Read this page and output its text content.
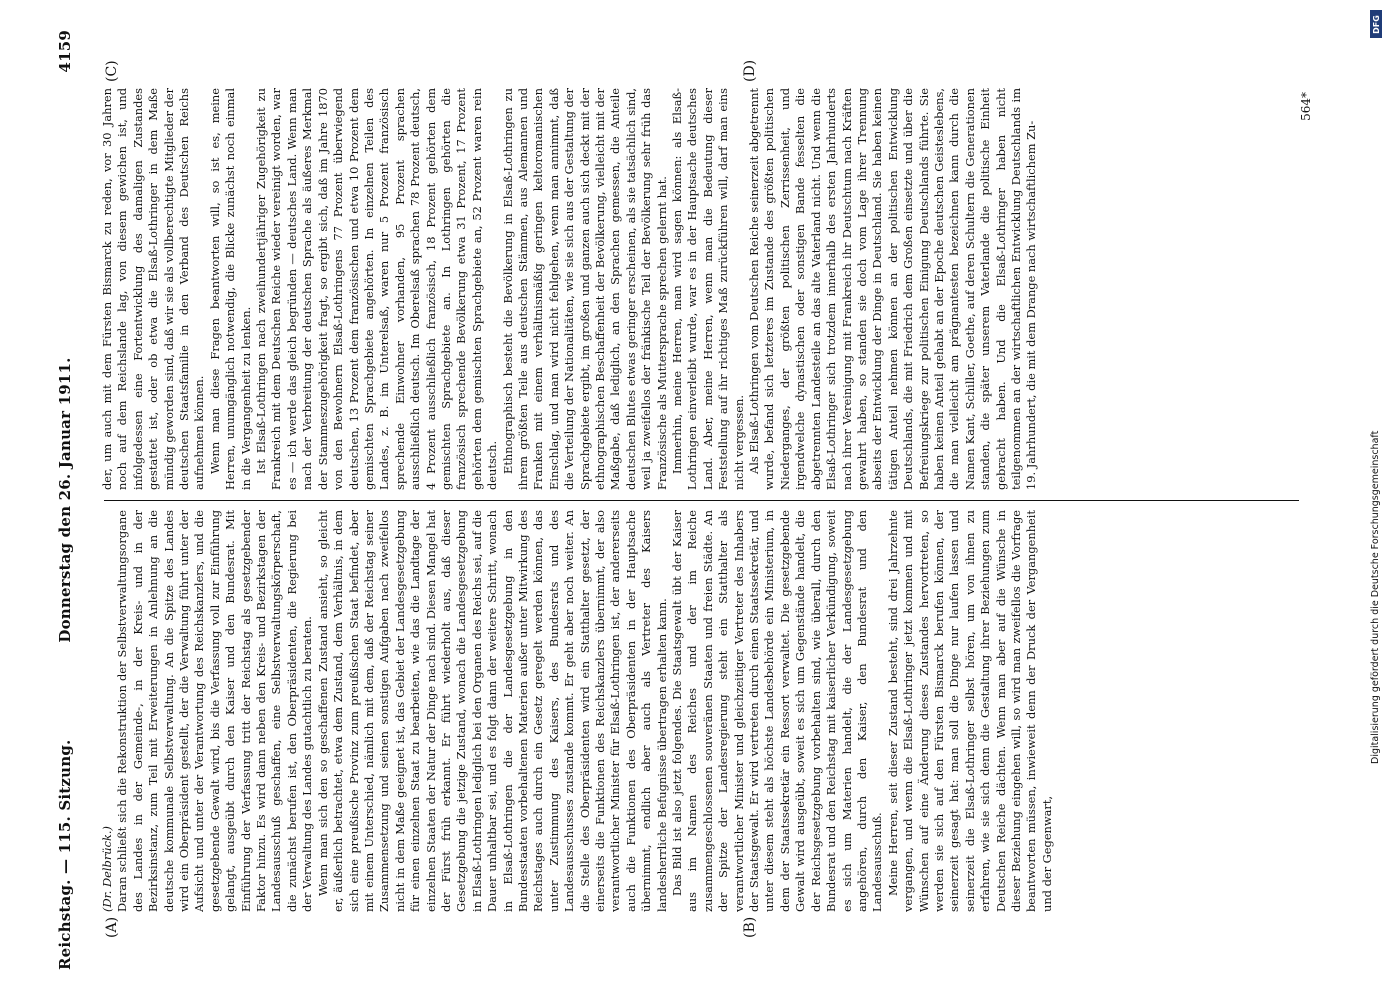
Reichstag. — 115. Sitzung.
Donnerstag den 26. Januar 1911.
4159
(A)	(B)
(C)	(D)

(Dr. Delbrück.) Daran schließt sich die Rekonstruktion der Selbstverwaltungsorgane des Landes in der Gemeinde-, in der Kreis- und in der Bezirksinstanz, zum Teil mit Erweiterungen in Anlehnung an die deutsche kommunale Selbstverwaltung. An die Spitze des Landes wird ein Oberpräsident gestellt, der die Verwaltung führt unter der Aufsicht und unter der Verantwortung des Reichskanzlers, und die gesetzgebende Gewalt wird, bis die Verfassung voll zur Einführung gelangt, ausgeübt durch den Kaiser und den Bundesrat. Mit Einführung der Verfassung tritt der Reichstag als gesetzgebender Faktor hinzu. Es wird dann neben den Kreis- und Bezirkstagen der Landesausschuß geschaffen, eine Selbstverwaltungskörperschaft, die zunächst berufen ist, den Oberpräsidenten, die Regierung bei der Verwaltung des Landes gutachtlich zu beraten. Wenn man sich den so geschaffenen Zustand ansieht, so gleicht er, äußerlich betrachtet, etwa dem Zustand, dem Verhältnis, in dem sich eine preußische Provinz zum preußischen Staat befindet, aber mit einem Unterschied, nämlich mit dem, daß der Reichstag seiner Zusammensetzung und seinen sonstigen Aufgaben nach zweifellos nicht in dem Maße geeignet ist, das Gebiet der Landesgesetzgebung für einen einzelnen Staat zu bearbeiten, wie das die Landtage der einzelnen Staaten der Natur der Dinge nach sind. Diesen Mangel hat der Fürst früh erkannt. Er führt wiederholt aus, daß dieser Gesetzgebung die jetzige Zustand, wonach die Landesgesetzgebung in Elsaß-Lothringen lediglich bei den Organen des Reichs sei, auf die Dauer unhaltbar sei, und es folgt dann der weitere Schritt, wonach in Elsaß-Lothringen die der Landesgesetzgebung in den Bundesstaaten vorbehaltenen Materien außer unter Mitwirkung des Reichstages auch durch ein Gesetz geregelt werden können, das unter Zustimmung des Kaisers, des Bundesrats und des Landesausschusses zustande kommt. Er geht aber noch weiter. An die Stelle des Oberpräsidenten wird ein Statthalter gesetzt, der einerseits die Funktionen des Reichskanzlers übernimmt, der also verantwortlicher Minister für Elsaß-Lothringen ist, der andererseits auch die Funktionen des Oberpräsidenten in der Hauptsache übernimmt, endlich aber auch als Vertreter des Kaisers landesherrliche Befugnisse übertragen erhalten kann. Das Bild ist also jetzt folgendes. Die Staatsgewalt übt der Kaiser aus im Namen des Reiches und der im Reiche zusammengeschlossenen souveränen Staaten und freien Städte. An der Spitze der Landesregierung steht ein Statthalter als verantwortlicher Minister und gleichzeitiger Vertreter des Inhabers der Staatsgewalt. Er wird vertreten durch einen Staatssekretär, und unter diesem steht als höchste Landesbehörde ein Ministerium, in dem der Staatssekretär ein Ressort verwaltet. Die gesetzgebende Gewalt wird ausgeübt, soweit es sich um Gegenstände handelt, die der Reichsgesetzgebung vorbehalten sind, wie überall, durch den Bundesrat und den Reichstag mit kaiserlicher Verkündigung, soweit es sich um Materien handelt, die der Landesgesetzgebung angehören, durch den Kaiser, den Bundesrat und den Landesausschuß. Meine Herren, seit dieser Zustand besteht, sind drei Jahrzehnte vergangen, und wenn die Elsaß-Lothringer jetzt kommen und mit Wünschen auf eine Änderung dieses Zustandes hervortreten, so werden sie sich auf den Fürsten Bismarck berufen können, der seinerzeit gesagt hat: man soll die Dinge nur laufen lassen und seinerzeit die Elsaß-Lothringer selbst hören, um von ihnen zu erfahren, wie sie sich denn die Gestaltung ihrer Beziehungen zum Deutschen Reiche dächten. Wenn man aber auf die Wünsche in dieser Beziehung eingehen will, so wird man zweifellos die Vorfrage beantworten müssen, inwieweit denn der Druck der Vergangenheit und der Gegenwart,

der, um auch mit dem Fürsten Bismarck zu reden, vor 30 Jahren noch auf dem Reichslande lag, von diesem gewichen ist, und infolgedessen eine Fortentwicklung des damaligen Zustandes gestattet ist, oder ob etwa die Elsaß-Lothringer in dem Maße mündig geworden sind, daß wir sie als vollberechtigte Mitglieder der deutschen Staatsfamilie in den Verband des Deutschen Reichs aufnehmen können. Wenn man diese Fragen beantworten will, so ist es, meine Herren, unumgänglich notwendig, die Blicke zunächst noch einmal in die Vergangenheit zu lenken. Ist Elsaß-Lothringen nach zweihundertjähriger Zugehörigkeit zu Frankreich mit dem Deutschen Reiche wieder vereinigt worden, war es — ich werde das gleich begründen — deutsches Land. Wenn man nach der Verbreitung der deutschen Sprache als äußeres Merkmal der Stammeszugehörigkeit fragt, so ergibt sich, daß im Jahre 1870 von den Bewohnern Elsaß-Lothringens 77 Prozent überwiegend deutschen, 13 Prozent dem französischen und etwa 10 Prozent dem gemischten Sprachgebiete angehörten. In einzelnen Teilen des Landes, z. B. im Unterelsaß, waren nur 5 Prozent französisch sprechende Einwohner vorhanden, 95 Prozent sprachen ausschließlich deutsch. Im Oberelsaß sprachen 78 Prozent deutsch, 4 Prozent ausschließlich französisch, 18 Prozent gehörten dem gemischten Sprachgebiete an. In Lothringen gehörten die französisch sprechende Bevölkerung etwa 31 Prozent, 17 Prozent gehörten dem gemischten Sprachgebiete an, 52 Prozent waren rein deutsch. Ethnographisch besteht die Bevölkerung in Elsaß-Lothringen zu ihrem größten Teile aus deutschen Stämmen, aus Alemannen und Franken mit einem verhältnismäßig geringen keltoromanischen Einschlag, und man wird nicht fehlgehen, wenn man annimmt, daß die Verteilung der Nationalitäten, wie sie sich aus der Gestaltung der Sprachgebiete ergibt, im großen und ganzen auch sich deckt mit der ethnographischen Beschaffenheit der Bevölkerung, vielleicht mit der Maßgabe, daß lediglich, an den Sprachen gemessen, die Anteile deutschen Blutes etwas geringer erscheinen, als sie tatsächlich sind, weil ja zweifellos der fränkische Teil der Bevölkerung sehr früh das Französische als Muttersprache sprechen gelernt hat. Immerhin, meine Herren, man wird sagen können: als Elsaß-Lothringen einverleibt wurde, war es in der Hauptsache deutsches Land. Aber, meine Herren, wenn man die Bedeutung dieser Feststellung auf ihr richtiges Maß zurückführen will, darf man eins nicht vergessen. Als Elsaß-Lothringen vom Deutschen Reiche seinerzeit abgetrennt wurde, befand sich letzteres im Zustande des größten politischen Niederganges, der größten politischen Zerrissenheit, und irgendwelche dynastischen oder sonstigen Bande fesselten die abgetrennten Landesteile an das alte Vaterland nicht. Und wenn die Elsaß-Lothringer sich trotzdem innerhalb des ersten Jahrhunderts nach ihrer Vereinigung mit Frankreich ihr Deutschtum nach Kräften gewahrt haben, so standen sie doch vom Lage ihrer Trennung abseits der Entwicklung der Dinge in Deutschland. Sie haben keinen tätigen Anteil nehmen können an der politischen Entwicklung Deutschlands, die mit Friedrich dem Großen einsetzte und über die Befreiungskriege zur politischen Einigung Deutschlands führte. Sie haben keinen Anteil gehabt an der Epoche deutschen Geisteslebens, die man vielleicht am prägnantesten bezeichnen kann durch die Namen Kant, Schiller, Goethe, auf deren Schultern die Generationen standen, die später unserem Vaterlande die politische Einheit gebracht haben. Und die Elsaß-Lothringer haben nicht teilgenommen an der wirtschaftlichen Entwicklung Deutschlands im 19. Jahrhundert, die mit dem Drange nach wirtschaftlichem Zu-

564*
DFG
Digitalisierung gefördert durch die Deutsche Forschungsgemeinschaft
